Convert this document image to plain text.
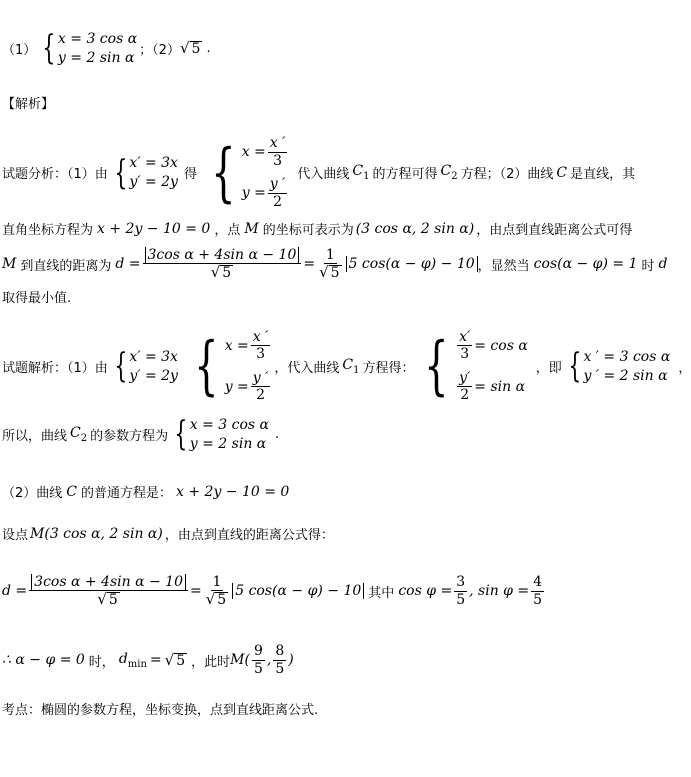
（1） { x = 3 cos α
y = 2 sin α ；（2） √ 5 .
【解析】
试题分析：（1）由 { x′ = 3x
y′ = 2y 得 { $x = \frac{x '}{3}$
$y = \frac{y '}{2}$
代入曲线 $C_1$ 的方程可得 $C_2$ 方程；（2）曲线 C 是直线，其
直角坐标方程为 x + 2y − 10 = 0 ，点 M 的坐标可表示为 (3 cos α, 2 sin α) ，由点到直线距离公式可得
M 到直线的距离为 $d = \frac{\text{3cos α + 4sin α − 10}}{√ 5} = \frac{1}{√ 5} 5$ cos(α − φ) − 10 ，显然当 cos(α − φ) = 1 时 d
取得最小值.
试题解析：（1）由 { x′ = 3x
y′ = 2y { $x = \frac{x '}{3}$
$y = \frac{y '}{2}$
，代入曲线 $C_1$ 方程得： { $\frac{x'}{3} = \cos \alpha$
$\frac{y'}{2} = \sin \alpha$
，即 { x ′ = 3 cos α
y ′ = 2 sin α ，
所以，曲线 $C_2$ 的参数方程为 { x = 3 cos α
y = 2 sin α
.
（2）曲线 C 的普通方程是： x + 2y − 10 = 0
设点 M(3 cos α, 2 sin α) ，由点到直线的距离公式得：
$d = \frac{\text{3cos α + 4sin α − 10}}{√ 5} = \frac{1}{√ 5} 5$ cos(α − φ) − 10 其中 $\cos \varphi = \frac{3}{5}$ , $\sin \varphi = \frac{4}{5}$
∴ α − φ = 0 时， $d_{min}$ = √ 5 ，此时 $M( \frac{9}{5}$ , $\frac{8}{5}$ )
考点：椭圆的参数方程，坐标变换，点到直线距离公式.
